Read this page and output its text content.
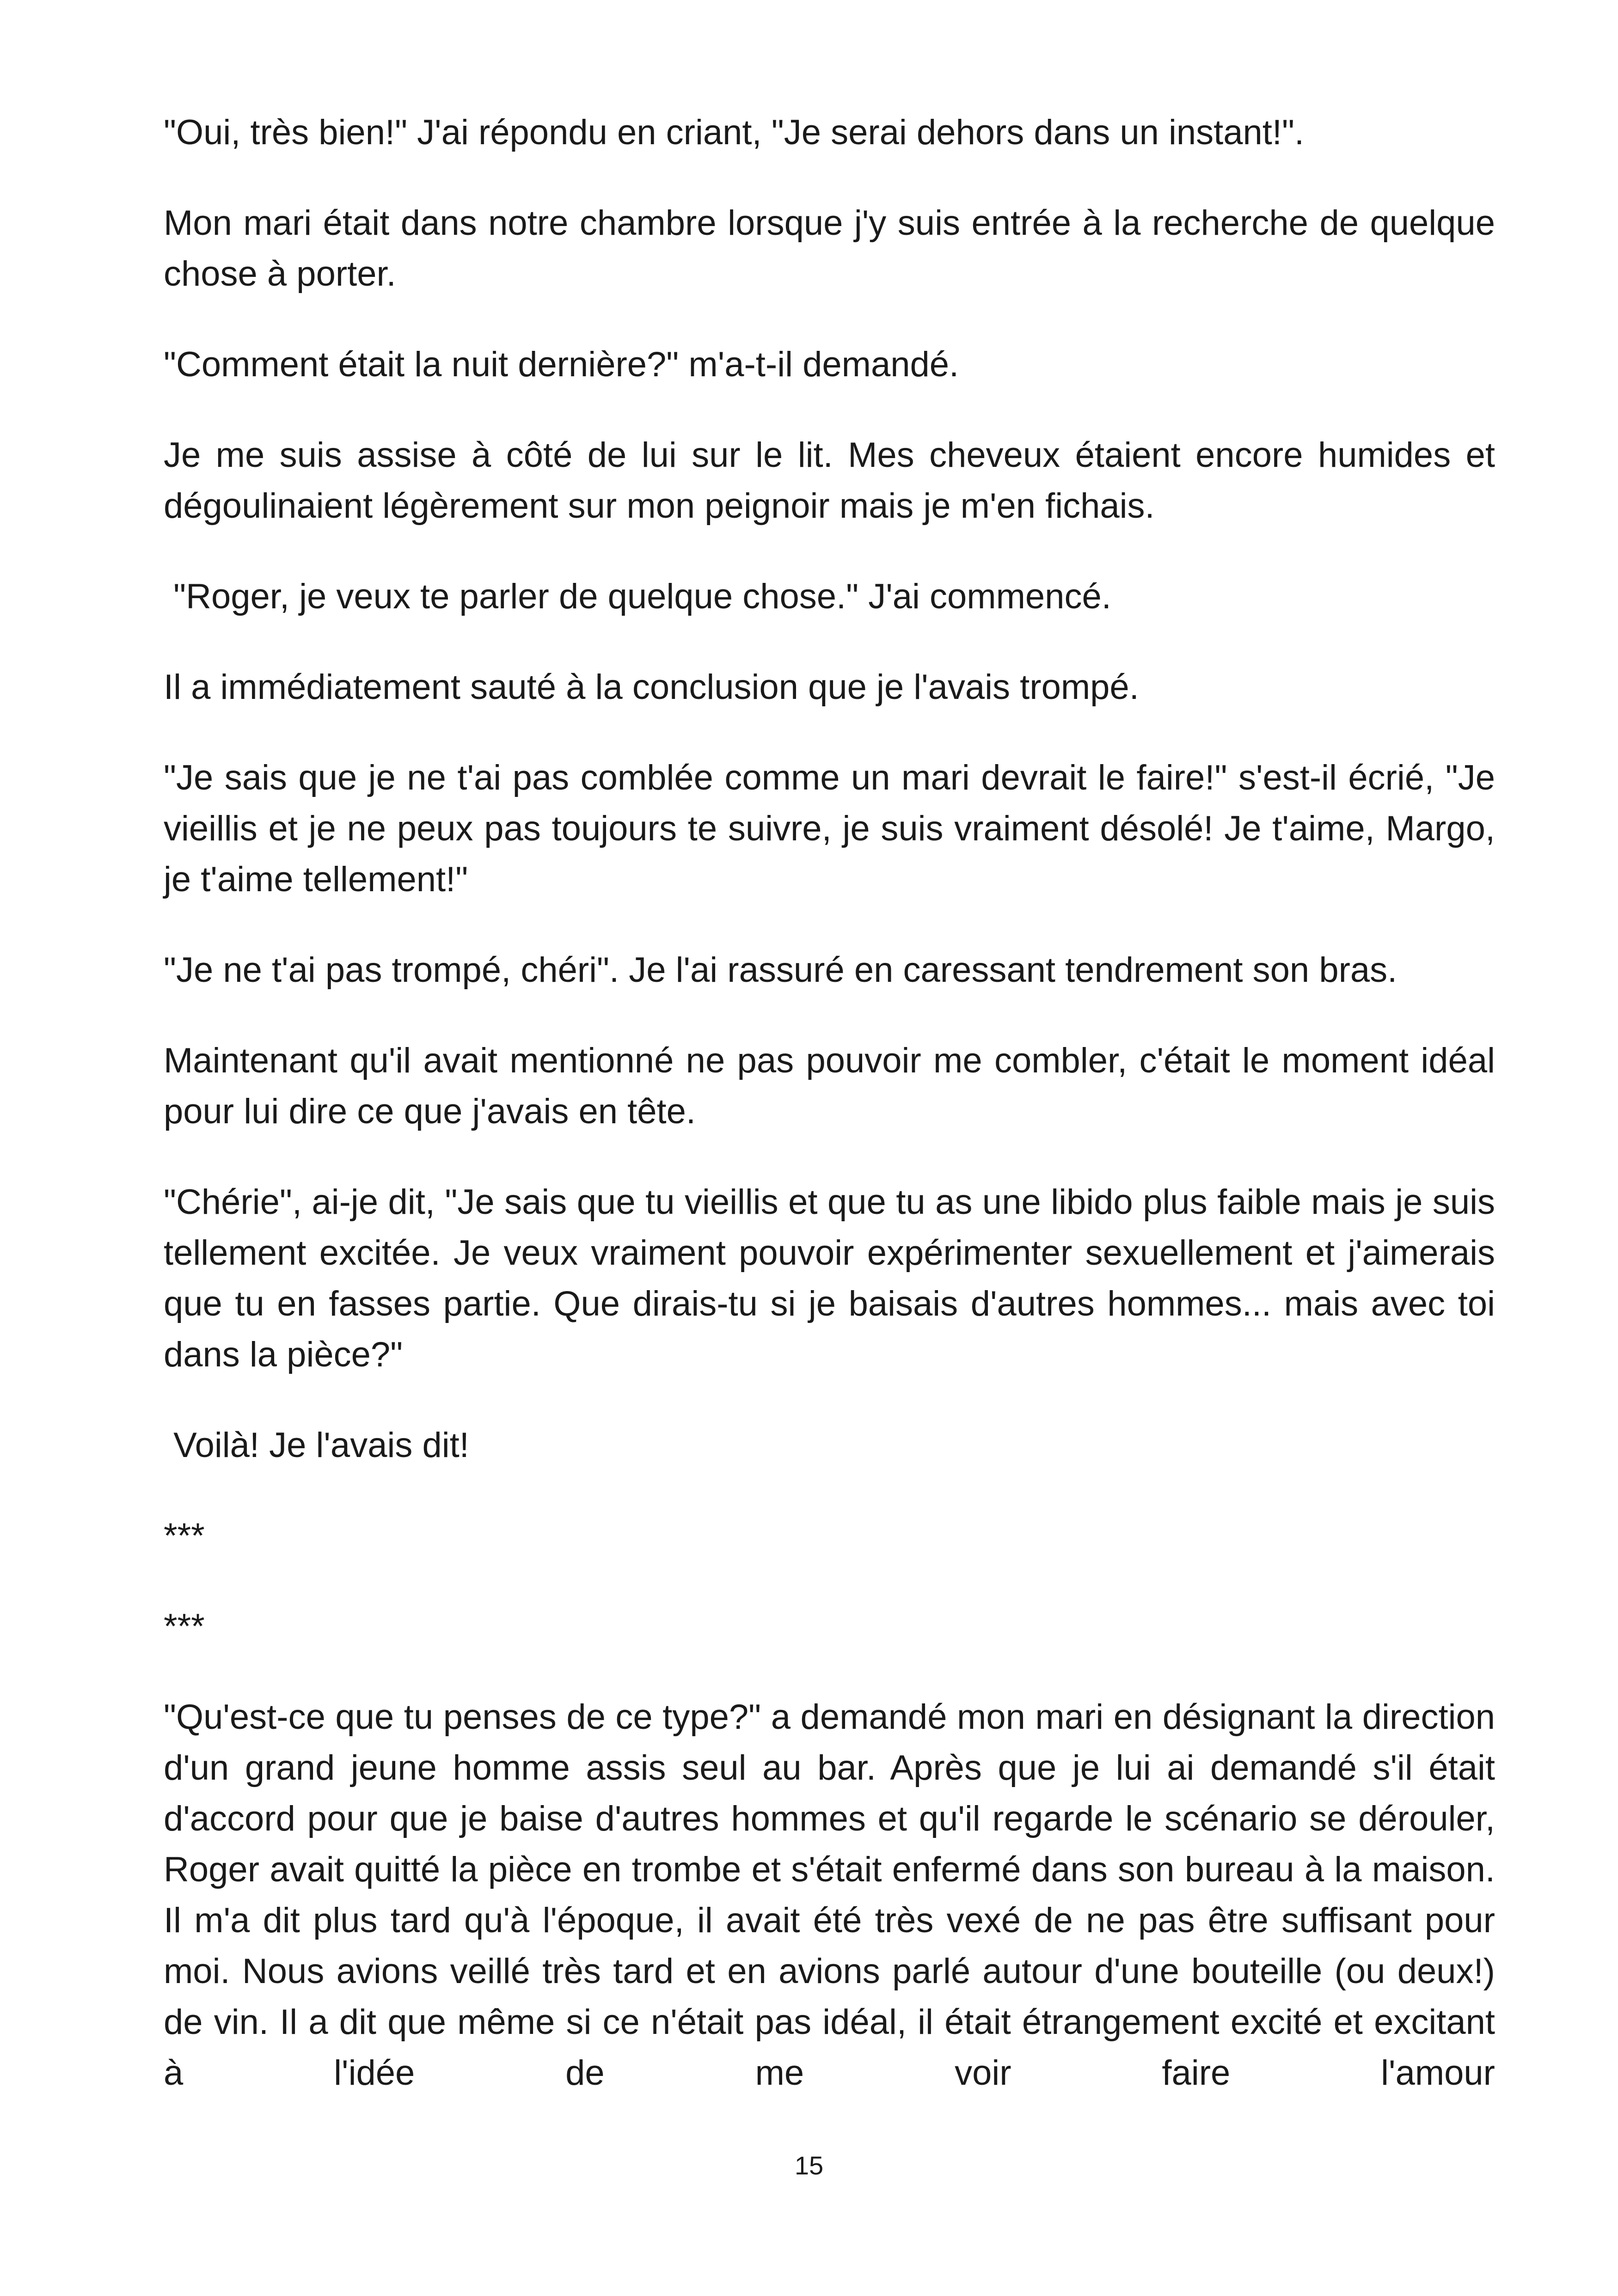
"Oui, très bien!" J'ai répondu en criant, "Je serai dehors dans un instant!".

Mon mari était dans notre chambre lorsque j'y suis entrée à la recherche de quelque chose à porter.

"Comment était la nuit dernière?" m'a-t-il demandé.

Je me suis assise à côté de lui sur le lit. Mes cheveux étaient encore humides et dégoulinaient légèrement sur mon peignoir mais je m'en fichais.

"Roger, je veux te parler de quelque chose." J'ai commencé.

Il a immédiatement sauté à la conclusion que je l'avais trompé.

"Je sais que je ne t'ai pas comblée comme un mari devrait le faire!" s'est-il écrié, "Je vieillis et je ne peux pas toujours te suivre, je suis vraiment désolé! Je t'aime, Margo, je t'aime tellement!"

"Je ne t'ai pas trompé, chéri". Je l'ai rassuré en caressant tendrement son bras.

Maintenant qu'il avait mentionné ne pas pouvoir me combler, c'était le moment idéal pour lui dire ce que j'avais en tête.

"Chérie", ai-je dit, "Je sais que tu vieillis et que tu as une libido plus faible mais je suis tellement excitée. Je veux vraiment pouvoir expérimenter sexuellement et j'aimerais que tu en fasses partie. Que dirais-tu si je baisais d'autres hommes... mais avec toi dans la pièce?"

Voilà! Je l'avais dit!

***

***

"Qu'est-ce que tu penses de ce type?" a demandé mon mari en désignant la direction d'un grand jeune homme assis seul au bar. Après que je lui ai demandé s'il était d'accord pour que je baise d'autres hommes et qu'il regarde le scénario se dérouler, Roger avait quitté la pièce en trombe et s'était enfermé dans son bureau à la maison. Il m'a dit plus tard qu'à l'époque, il avait été très vexé de ne pas être suffisant pour moi. Nous avions veillé très tard et en avions parlé autour d'une bouteille (ou deux!) de vin. Il a dit que même si ce n'était pas idéal, il était étrangement excité et excitant à l'idée de me voir faire l'amour

15
